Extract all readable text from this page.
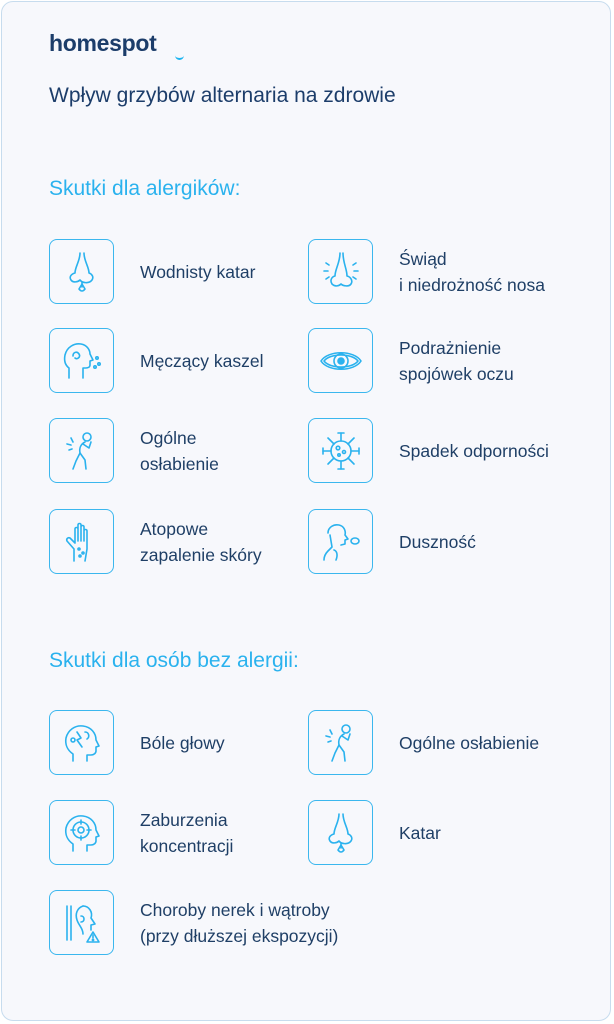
homespot
Wpływ grzybów alternaria na zdrowie
Skutki dla alergików:
Wodnisty katar
Świąd
i niedrożność nosa
Męczący kaszel
Podrażnienie
spojówek oczu
Ogólne
osłabienie
Spadek odporności
Atopowe
zapalenie skóry
Duszność
Skutki dla osób bez alergii:
Bóle głowy	Ogólne osłabienie
Zaburzenia
koncentracji
Katar
Choroby nerek i wątroby
(przy dłuższej ekspozycji)
